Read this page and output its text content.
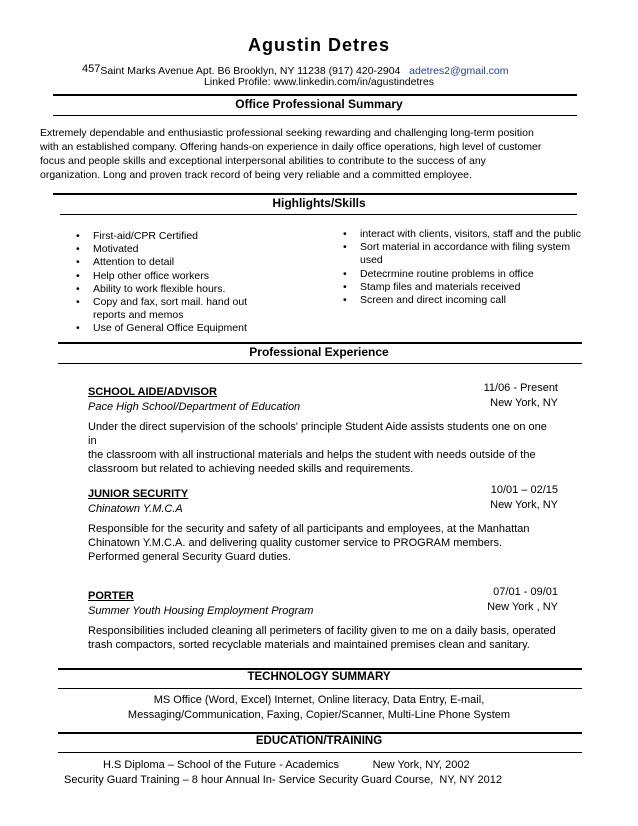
Agustin Detres
457Saint Marks Avenue Apt. B6 Brooklyn, NY 11238 (917) 420-2904 adetres2@gmail.com
Linked Profile: www.linkedin.com/in/agustindetres
Office Professional Summary
Extremely dependable and enthusiastic professional seeking rewarding and challenging long-term position
with an established company. Offering hands-on experience in daily office operations, high level of customer
focus and people skills and exceptional interpersonal abilities to contribute to the success of any
organization. Long and proven track record of being very reliable and a committed employee.
Highlights/Skills
• First-aid/CPR Certified
• Motivated
• Attention to detail
• Help other office workers
• Ability to work flexible hours.
• Copy and fax, sort mail. hand out reports and memos
• Use of General Office Equipment
• interact with clients, visitors, staff and the public
• Sort material in accordance with filing system used
• Detecrmine routine problems in office
• Stamp files and materials received
• Screen and direct incoming call
Professional Experience
SCHOOL AIDE/ADVISOR	11/06 - Present
Pace High School/Department of Education	New York, NY
Under the direct supervision of the schools' principle Student Aide assists students one on one in
the classroom with all instructional materials and helps the student with needs outside of the
classroom but related to achieving needed skills and requirements.
JUNIOR SECURITY	10/01 – 02/15
Chinatown Y.M.C.A	New York, NY
Responsible for the security and safety of all participants and employees, at the Manhattan
Chinatown Y.M.C.A. and delivering quality customer service to PROGRAM members.
Performed general Security Guard duties.
PORTER	07/01 - 09/01
Summer Youth Housing Employment Program	New York , NY
Responsibilities included cleaning all perimeters of facility given to me on a daily basis, operated
trash compactors, sorted recyclable materials and maintained premises clean and sanitary.
TECHNOLOGY SUMMARY
MS Office (Word, Excel) Internet, Online literacy, Data Entry, E-mail,
Messaging/Communication, Faxing, Copier/Scanner, Multi-Line Phone System
EDUCATION/TRAINING
H.S Diploma – School of the Future - Academics           New York, NY, 2002
Security Guard Training – 8 hour Annual In- Service Security Guard Course,  NY, NY 2012
